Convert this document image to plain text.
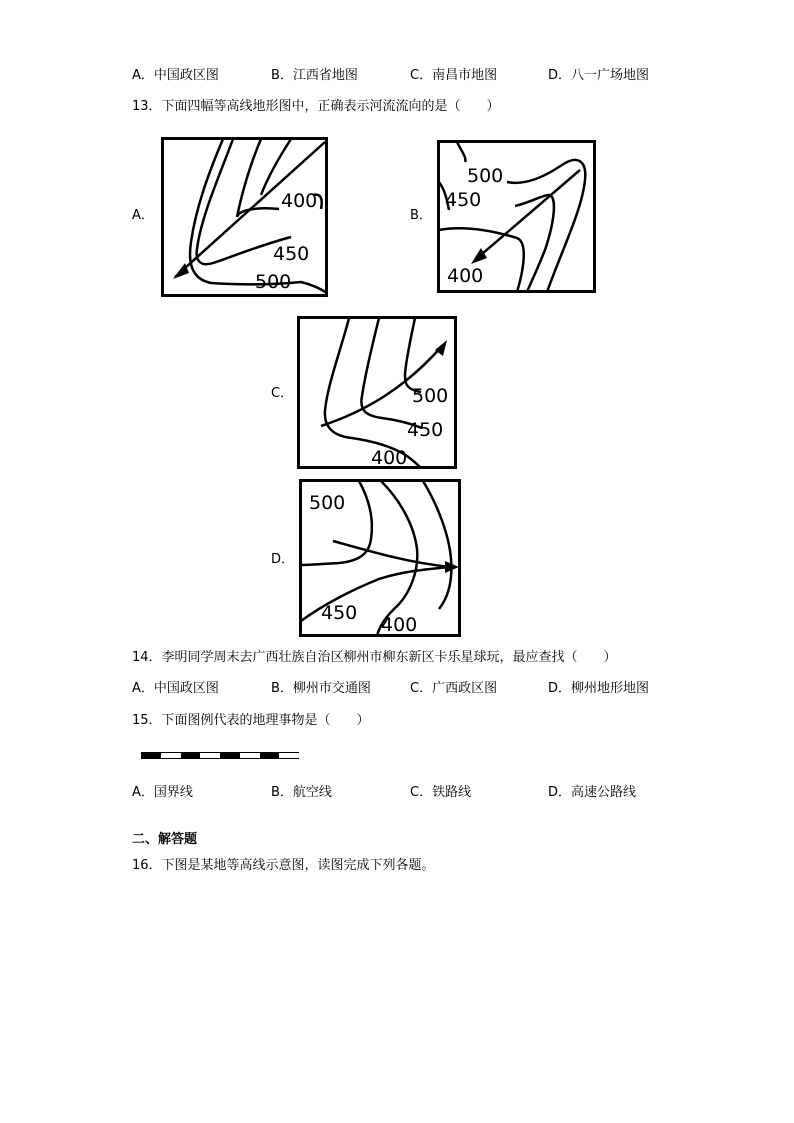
A．中国政区图	B．江西省地图	C．南昌市地图	D．八一广场地图
13．下面四幅等高线地形图中，正确表示河流流向的是（　　）
A．
400
450
500
B．
500
450
400
C．	500
450
400
D．
500
450
400
14．李明同学周末去广西壮族自治区柳州市柳东新区卡乐星球玩，最应查找（　　）
A．中国政区图	B．柳州市交通图	C．广西政区图	D．柳州地形地图
15．下面图例代表的地理事物是（　　）
A．国界线	B．航空线	C．铁路线	D．高速公路线
二、解答题
16．下图是某地等高线示意图，读图完成下列各题。
